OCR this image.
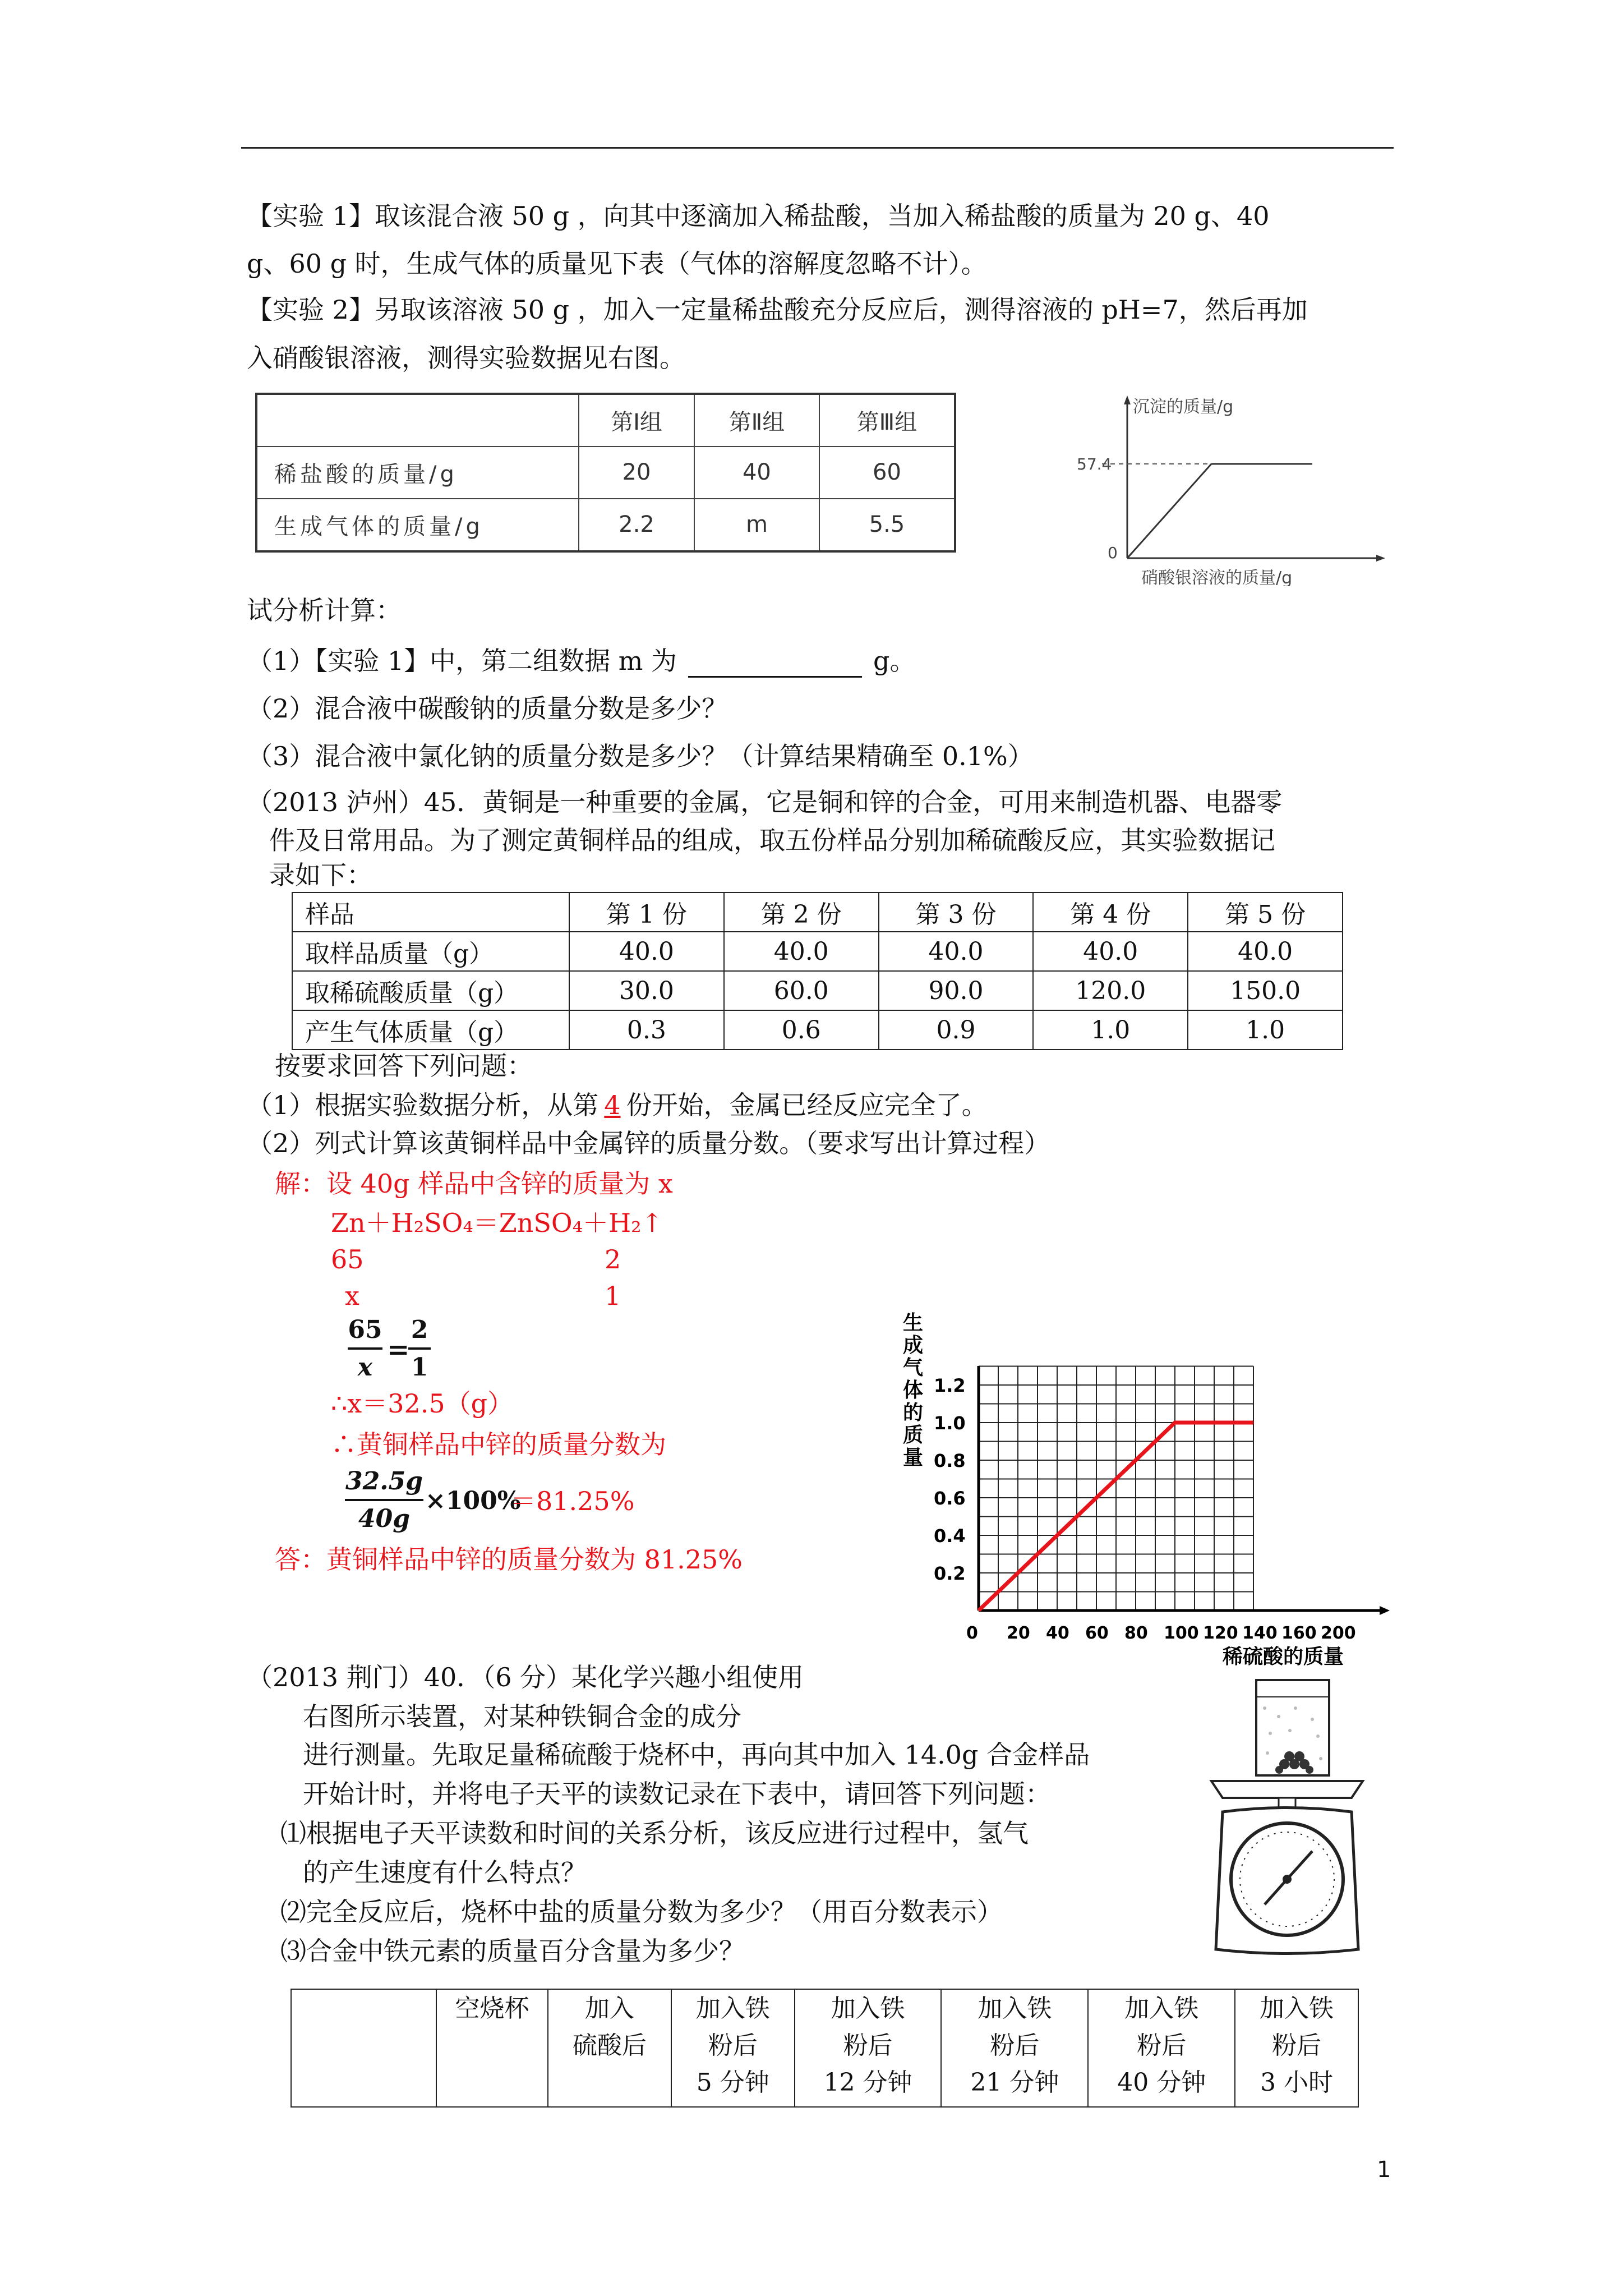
【实验 1】取该混合液 50 g ，向其中逐滴加入稀盐酸，当加入稀盐酸的质量为 20 g、40
g、60 g 时，生成气体的质量见下表（气体的溶解度忽略不计）。
【实验 2】另取该溶液 50 g ，加入一定量稀盐酸充分反应后，测得溶液的 pH=7，然后再加
入硝酸银溶液，测得实验数据见右图。
	第Ⅰ组	第Ⅱ组	第Ⅲ组
稀盐酸的质量/g	20	40	60
生成气体的质量/g	2.2	m	5.5
沉淀的质量/g
57.4
0
硝酸银溶液的质量/g
试分析计算：
（1）【实验 1】中，第二组数据 m 为	g。
（2）混合液中碳酸钠的质量分数是多少？
（3）混合液中氯化钠的质量分数是多少？（计算结果精确至 0.1%）
（2013 泸州）45．黄铜是一种重要的金属，它是铜和锌的合金，可用来制造机器、电器零
件及日常用品。为了测定黄铜样品的组成，取五份样品分别加稀硫酸反应，其实验数据记
录如下：
样品	第 1 份	第 2 份	第 3 份	第 4 份	第 5 份
取样品质量（g）	40.0	40.0	40.0	40.0	40.0
取稀硫酸质量（g）	30.0	60.0	90.0	120.0	150.0
产生气体质量（g）	0.3	0.6	0.9	1.0	1.0
按要求回答下列问题：
（1）根据实验数据分析，从第 4 份开始，金属已经反应完全了。
（2）列式计算该黄铜样品中金属锌的质量分数。（要求写出计算过程）
解：设 40g 样品中含锌的质量为 x
Zn＋H₂SO₄＝ZnSO₄＋H₂↑
65	2
x	1
65
x
=
2
1
∴x＝32.5（g）
∴黄铜样品中锌的质量分数为
32.5g
40g
×100%
＝81.25%
答：黄铜样品中锌的质量分数为 81.25%
生成气体的质量
稀硫酸的质量
0.2
0.4
0.6
0.8
1.0
1.2
0 20 40 60 80 100 120 140 160 200
（2013 荆门）40．（6 分）某化学兴趣小组使用
右图所示装置，对某种铁铜合金的成分
进行测量。先取足量稀硫酸于烧杯中，再向其中加入 14.0g 合金样品
开始计时，并将电子天平的读数记录在下表中，请回答下列问题：
⑴根据电子天平读数和时间的关系分析，该反应进行过程中，氢气
的产生速度有什么特点？
⑵完全反应后，烧杯中盐的质量分数为多少？（用百分数表示）
⑶合金中铁元素的质量百分含量为多少？
	空烧杯	加入
硫酸后	加入铁
粉后
5 分钟	加入铁
粉后
12 分钟	加入铁
粉后
21 分钟	加入铁
粉后
40 分钟	加入铁
粉后
3 小时
1
